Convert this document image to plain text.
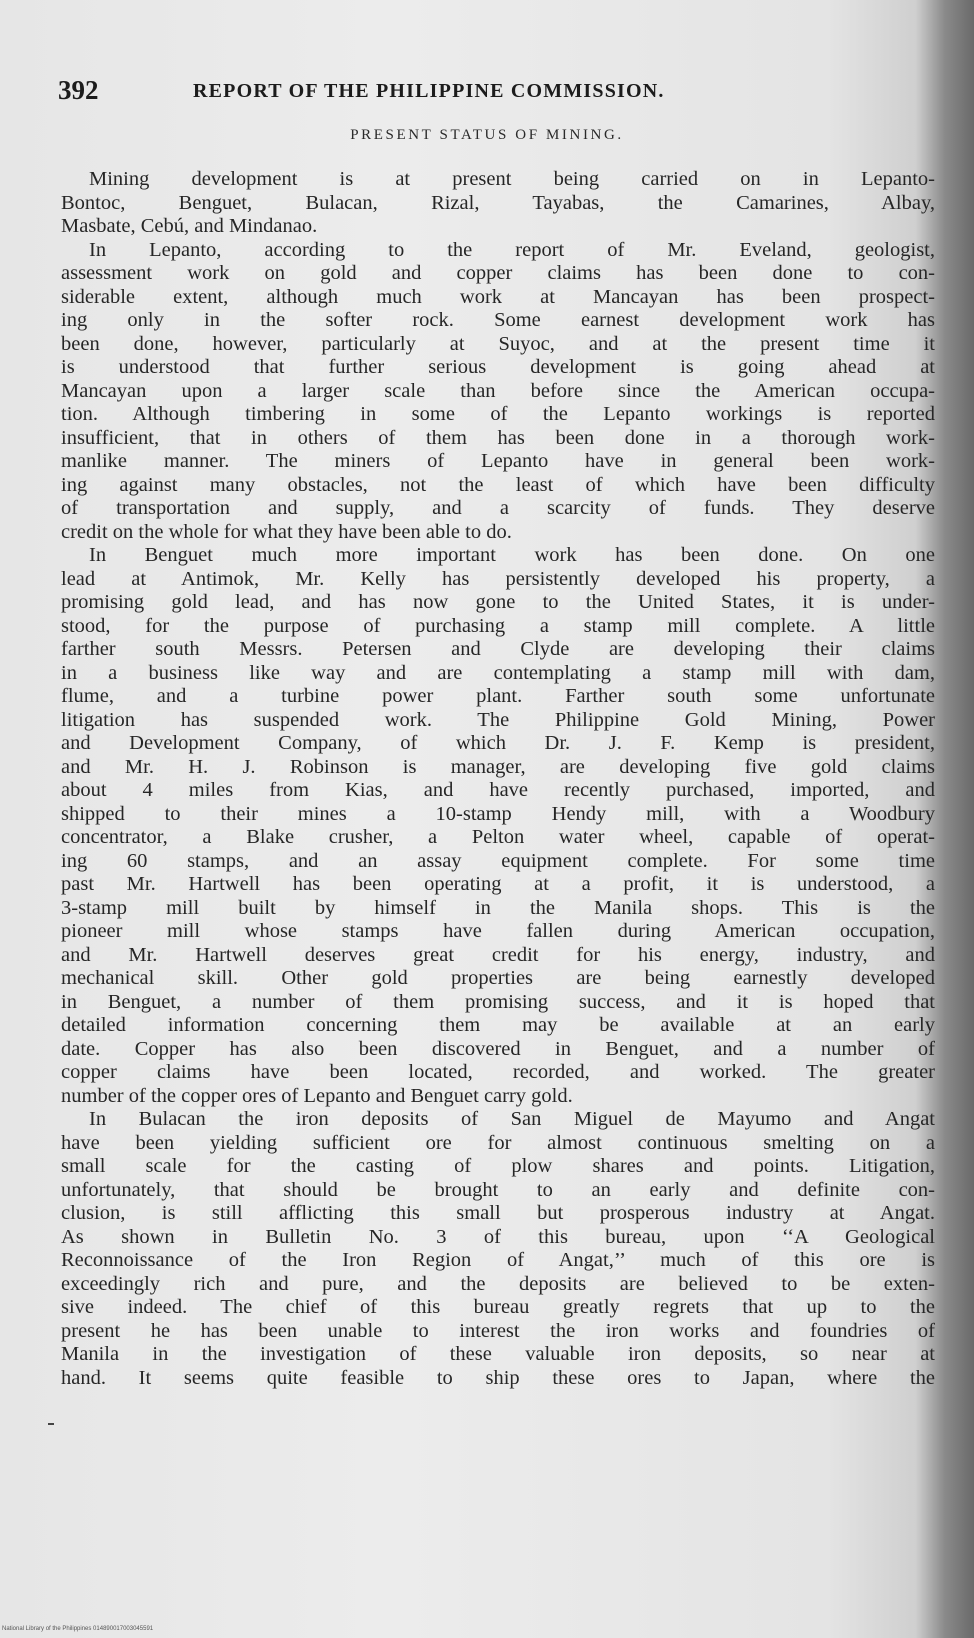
392	REPORT OF THE PHILIPPINE COMMISSION.
PRESENT STATUS OF MINING.
Mining development is at present being carried on in Lepanto-
Bontoc, Benguet, Bulacan, Rizal, Tayabas, the Camarines, Albay,
Masbate, Cebú, and Mindanao.
In Lepanto, according to the report of Mr. Eveland, geologist,
assessment work on gold and copper claims has been done to con-
siderable extent, although much work at Mancayan has been prospect-
ing only in the softer rock. Some earnest development work has
been done, however, particularly at Suyoc, and at the present time it
is understood that further serious development is going ahead at
Mancayan upon a larger scale than before since the American occupa-
tion. Although timbering in some of the Lepanto workings is reported
insufficient, that in others of them has been done in a thorough work-
manlike manner. The miners of Lepanto have in general been work-
ing against many obstacles, not the least of which have been difficulty
of transportation and supply, and a scarcity of funds. They deserve
credit on the whole for what they have been able to do.
In Benguet much more important work has been done. On one
lead at Antimok, Mr. Kelly has persistently developed his property, a
promising gold lead, and has now gone to the United States, it is under-
stood, for the purpose of purchasing a stamp mill complete. A little
farther south Messrs. Petersen and Clyde are developing their claims
in a business like way and are contemplating a stamp mill with dam,
flume, and a turbine power plant. Farther south some unfortunate
litigation has suspended work. The Philippine Gold Mining, Power
and Development Company, of which Dr. J. F. Kemp is president,
and Mr. H. J. Robinson is manager, are developing five gold claims
about 4 miles from Kias, and have recently purchased, imported, and
shipped to their mines a 10-stamp Hendy mill, with a Woodbury
concentrator, a Blake crusher, a Pelton water wheel, capable of operat-
ing 60 stamps, and an assay equipment complete. For some time
past Mr. Hartwell has been operating at a profit, it is understood, a
3-stamp mill built by himself in the Manila shops. This is the
pioneer mill whose stamps have fallen during American occupation,
and Mr. Hartwell deserves great credit for his energy, industry, and
mechanical skill. Other gold properties are being earnestly developed
in Benguet, a number of them promising success, and it is hoped that
detailed information concerning them may be available at an early
date. Copper has also been discovered in Benguet, and a number of
copper claims have been located, recorded, and worked. The greater
number of the copper ores of Lepanto and Benguet carry gold.
In Bulacan the iron deposits of San Miguel de Mayumo and Angat
have been yielding sufficient ore for almost continuous smelting on a
small scale for the casting of plow shares and points. Litigation,
unfortunately, that should be brought to an early and definite con-
clusion, is still afflicting this small but prosperous industry at Angat.
As shown in Bulletin No. 3 of this bureau, upon ‘‘A Geological
Reconnoissance of the Iron Region of Angat,’’ much of this ore is
exceedingly rich and pure, and the deposits are believed to be exten-
sive indeed. The chief of this bureau greatly regrets that up to the
present he has been unable to interest the iron works and foundries of
Manila in the investigation of these valuable iron deposits, so near at
hand. It seems quite feasible to ship these ores to Japan, where the
National Library of the Philippines 014890017003045591
